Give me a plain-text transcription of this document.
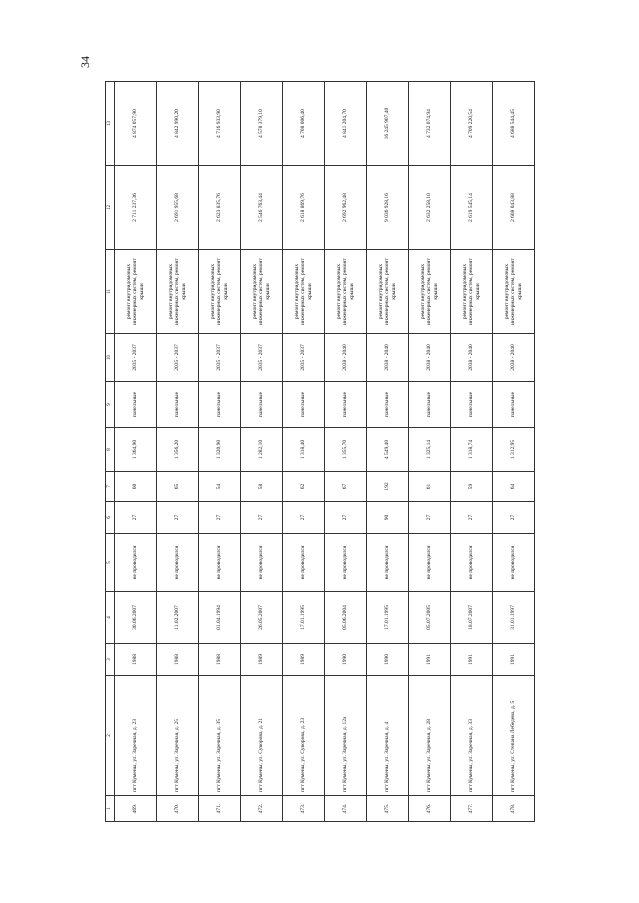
34
1	2	3	4	5	6	7	8	9	10	11	12	13
469.	пгт Кумены, ул. Заречная, д. 23	1988	30.06.2007	не проводился	27	60	1 364,90	панельные	2035 - 2037	ремонт внутридомовых инженерных систем, ремонт крыши	2 711 237,36	4 874 057,90
470.	пгт Кумены, ул. Заречная, д. 25	1988	11.02.2007	не проводился	27	65	1 356,20	панельные	2035 - 2037	ремонт внутридомовых инженерных систем, ремонт крыши	2 691 955,68	4 842 990,20
471.	пгт Кумены, ул. Заречная, д. 35	1988	01.04.1994	не проводился	27	54	1 320,90	панельные	2035 - 2037	ремонт внутридомовых инженерных систем, ремонт крыши	2 623 835,76	4 716 933,90
472.	пгт Кумены, ул. Суворова, д. 21	1989	26.05.2007	не проводился	27	58	1 282,10	панельные	2035 - 2037	ремонт внутридомовых инженерных систем, ремонт крыши	2 546 763,44	4 578 379,10
473.	пгт Кумены, ул. Суворова, д. 23	1989	17.01.1995	не проводился	27	62	1 318,40	панельные	2035 - 2037	ремонт внутридомовых инженерных систем, ремонт крыши	2 618 869,76	4 708 006,40
474.	пгт Кумены, ул. Заречная, д. 12а	1990	05.06.2004	не проводился	27	67	1 355,70	панельные	2038 - 2040	ремонт внутридомовых инженерных систем, ремонт крыши	2 692 962,48	4 841 204,70
475.	пгт Кумены, ул. Заречная, д. 4	1990	17.01.1995	не проводился	90	192	4 549,40	панельные	2038 - 2040	ремонт внутридомовых инженерных систем, ремонт крыши	9 036 928,16	16 245 907,40
476.	пгт Кумены, ул. Заречная, д. 28	1991	05.07.2005	не проводился	27	61	1 325,14	панельные	2038 - 2040	ремонт внутридомовых инженерных систем, ремонт крыши	2 632 258,10	4 732 074,94
477.	пгт Кумены, ул. Заречная, д. 33	1991	18.07.2007	не проводился	27	59	1 318,74	панельные	2038 - 2040	ремонт внутридомовых инженерных систем, ремонт крыши	2 619 545,14	4 709 220,54
478.	пгт Кумены, ул. Степана Лебедева, д. 5	1991	31.01.1997	не проводился	27	64	1 312,95	панельные	2038 - 2040	ремонт внутридомовых инженерных систем, ремонт крыши	2 608 043,88	4 688 544,45
